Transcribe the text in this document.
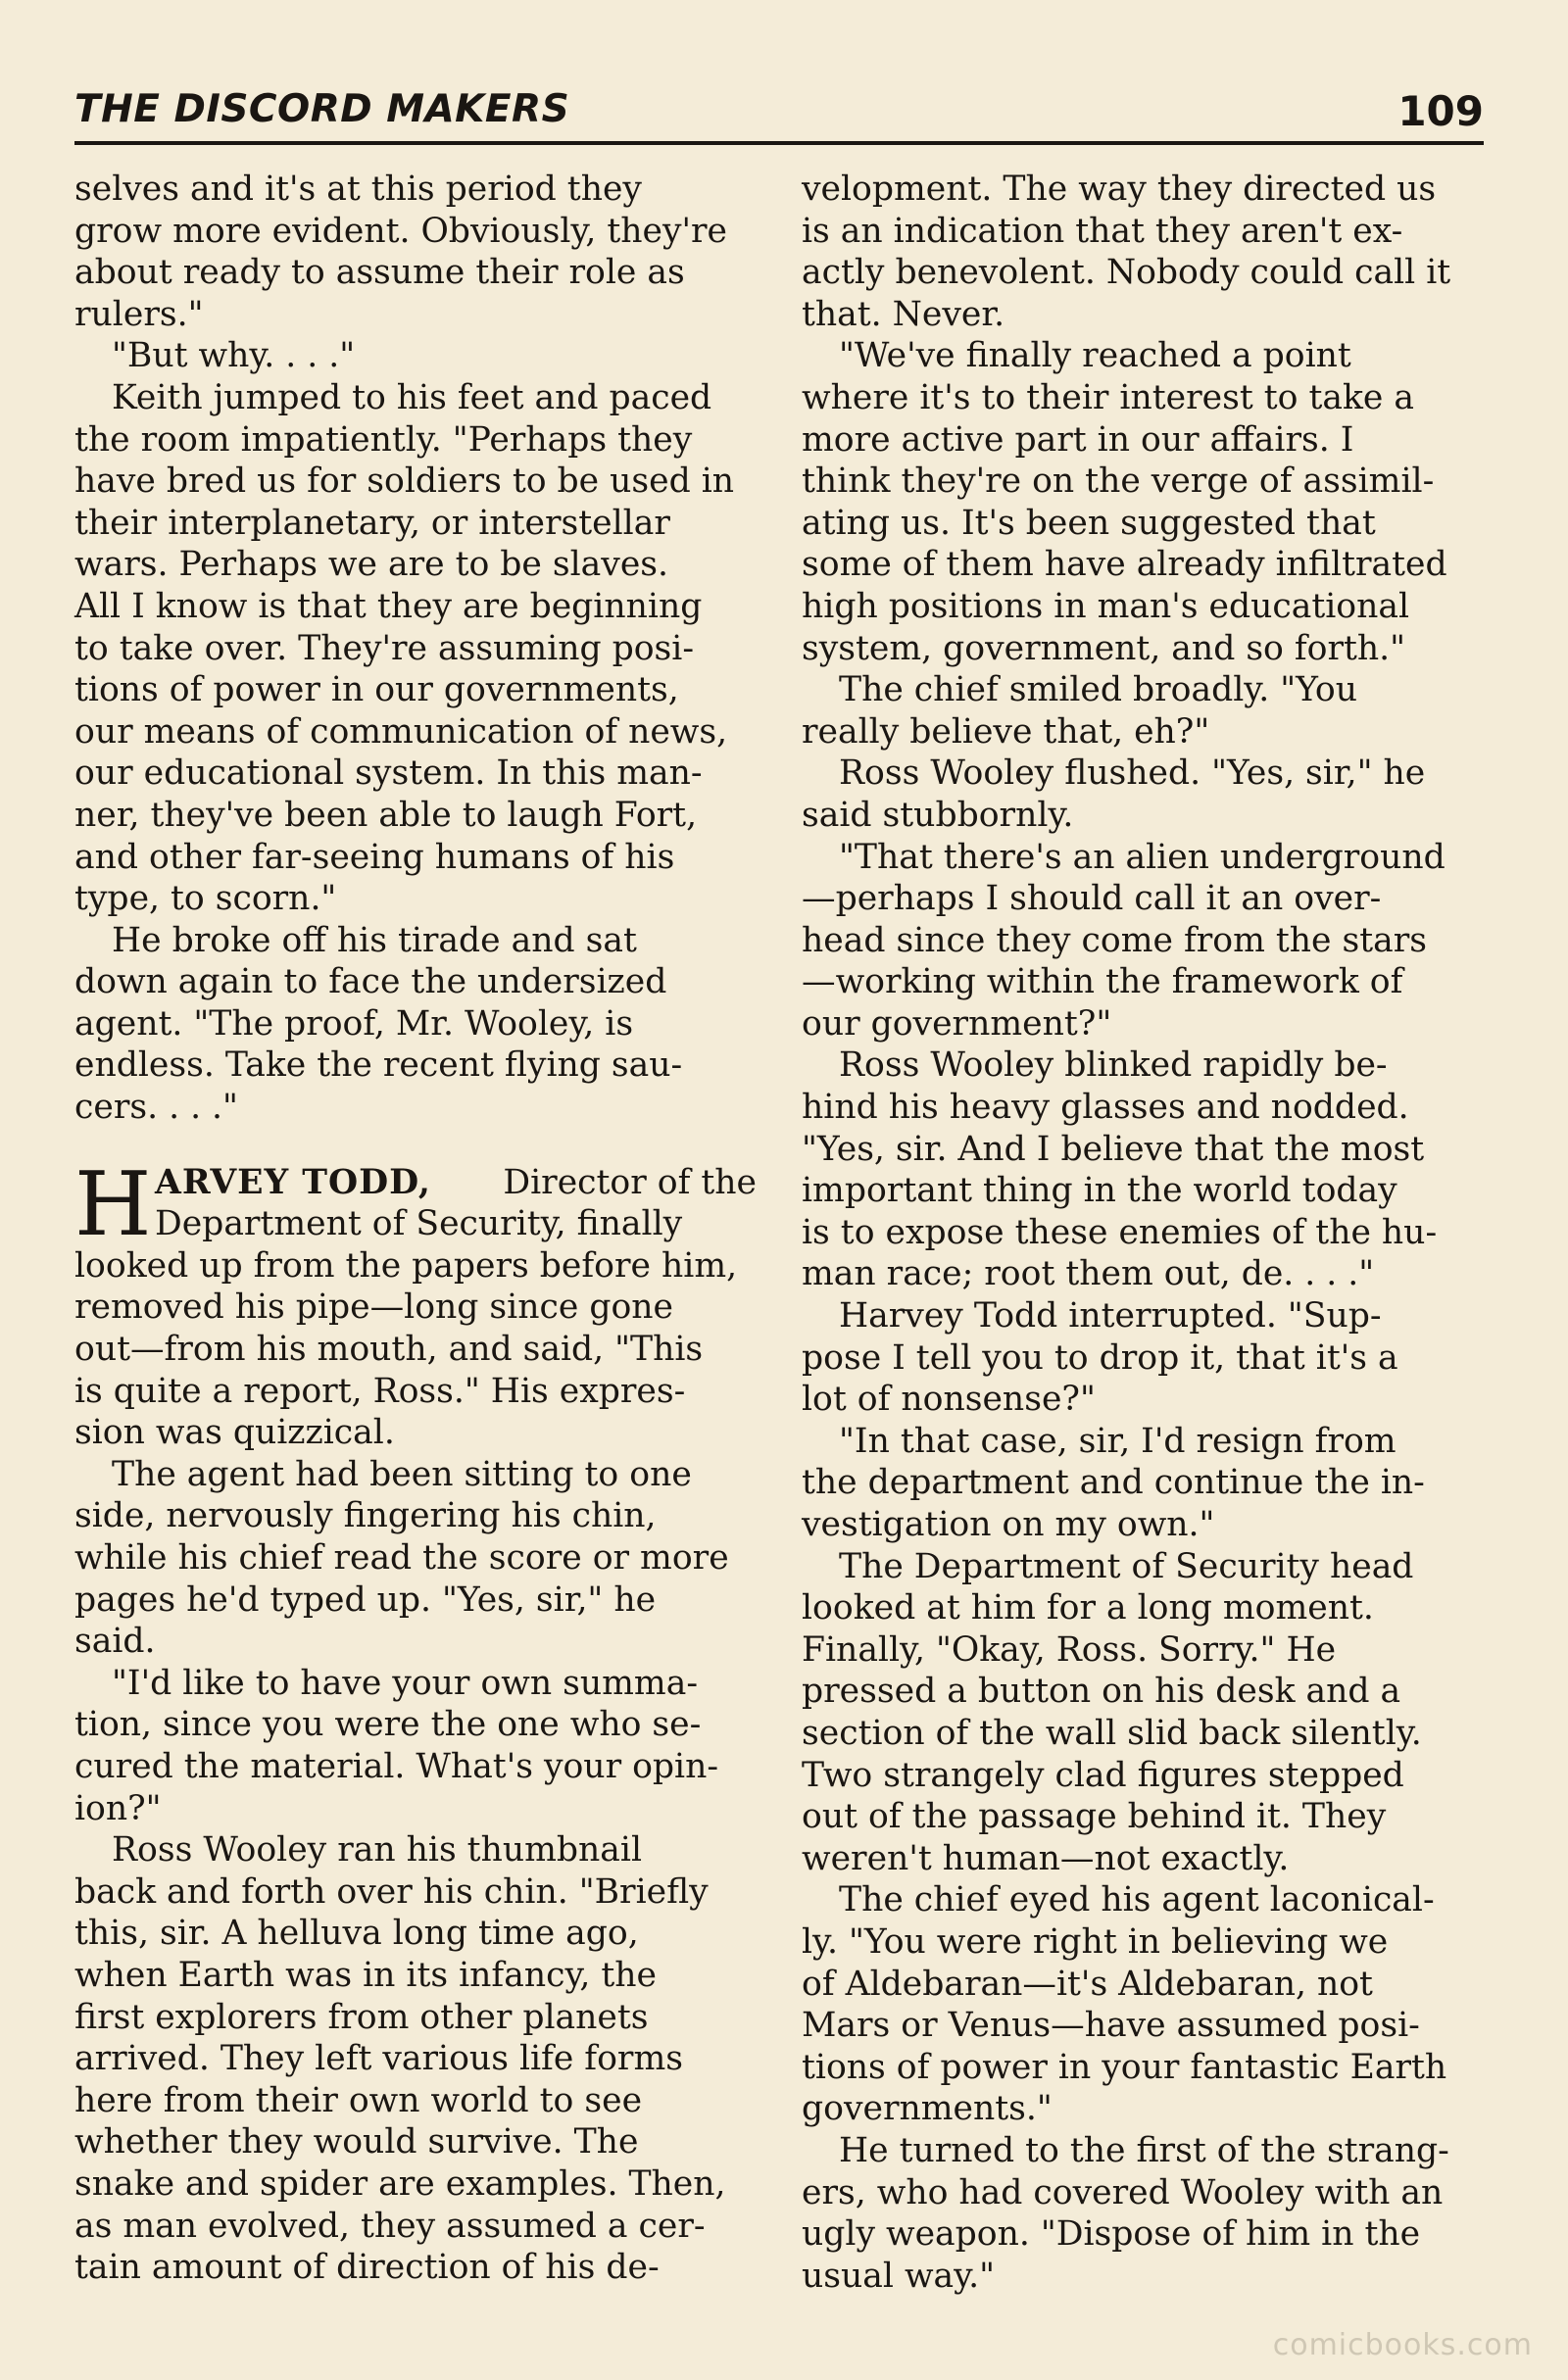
THE DISCORD MAKERS	109
selves and it's at this period they
grow more evident. Obviously, they're
about ready to assume their role as
rulers."
"But why. . . ."
Keith jumped to his feet and paced
the room impatiently. "Perhaps they
have bred us for soldiers to be used in
their interplanetary, or interstellar
wars. Perhaps we are to be slaves.
All I know is that they are beginning
to take over. They're assuming posi-
tions of power in our governments,
our means of communication of news,
our educational system. In this man-
ner, they've been able to laugh Fort,
and other far-seeing humans of his
type, to scorn."
He broke off his tirade and sat
down again to face the undersized
agent. "The proof, Mr. Wooley, is
endless. Take the recent flying sau-
cers. . . ."
H ARVEY TODD, Director of the
Department of Security, finally
looked up from the papers before him,
removed his pipe—long since gone
out—from his mouth, and said, "This
is quite a report, Ross." His expres-
sion was quizzical.
The agent had been sitting to one
side, nervously fingering his chin,
while his chief read the score or more
pages he'd typed up. "Yes, sir," he
said.
"I'd like to have your own summa-
tion, since you were the one who se-
cured the material. What's your opin-
ion?"
Ross Wooley ran his thumbnail
back and forth over his chin. "Briefly
this, sir. A helluva long time ago,
when Earth was in its infancy, the
first explorers from other planets
arrived. They left various life forms
here from their own world to see
whether they would survive. The
snake and spider are examples. Then,
as man evolved, they assumed a cer-
tain amount of direction of his de-
velopment. The way they directed us
is an indication that they aren't ex-
actly benevolent. Nobody could call it
that. Never.
"We've finally reached a point
where it's to their interest to take a
more active part in our affairs. I
think they're on the verge of assimil-
ating us. It's been suggested that
some of them have already infiltrated
high positions in man's educational
system, government, and so forth."
The chief smiled broadly. "You
really believe that, eh?"
Ross Wooley flushed. "Yes, sir," he
said stubbornly.
"That there's an alien underground
—perhaps I should call it an over-
head since they come from the stars
—working within the framework of
our government?"
Ross Wooley blinked rapidly be-
hind his heavy glasses and nodded.
"Yes, sir. And I believe that the most
important thing in the world today
is to expose these enemies of the hu-
man race; root them out, de. . . ."
Harvey Todd interrupted. "Sup-
pose I tell you to drop it, that it's a
lot of nonsense?"
"In that case, sir, I'd resign from
the department and continue the in-
vestigation on my own."
The Department of Security head
looked at him for a long moment.
Finally, "Okay, Ross. Sorry." He
pressed a button on his desk and a
section of the wall slid back silently.
Two strangely clad figures stepped
out of the passage behind it. They
weren't human—not exactly.
The chief eyed his agent laconical-
ly. "You were right in believing we
of Aldebaran—it's Aldebaran, not
Mars or Venus—have assumed posi-
tions of power in your fantastic Earth
governments."
He turned to the first of the strang-
ers, who had covered Wooley with an
ugly weapon. "Dispose of him in the
usual way."
comicbooks.com
